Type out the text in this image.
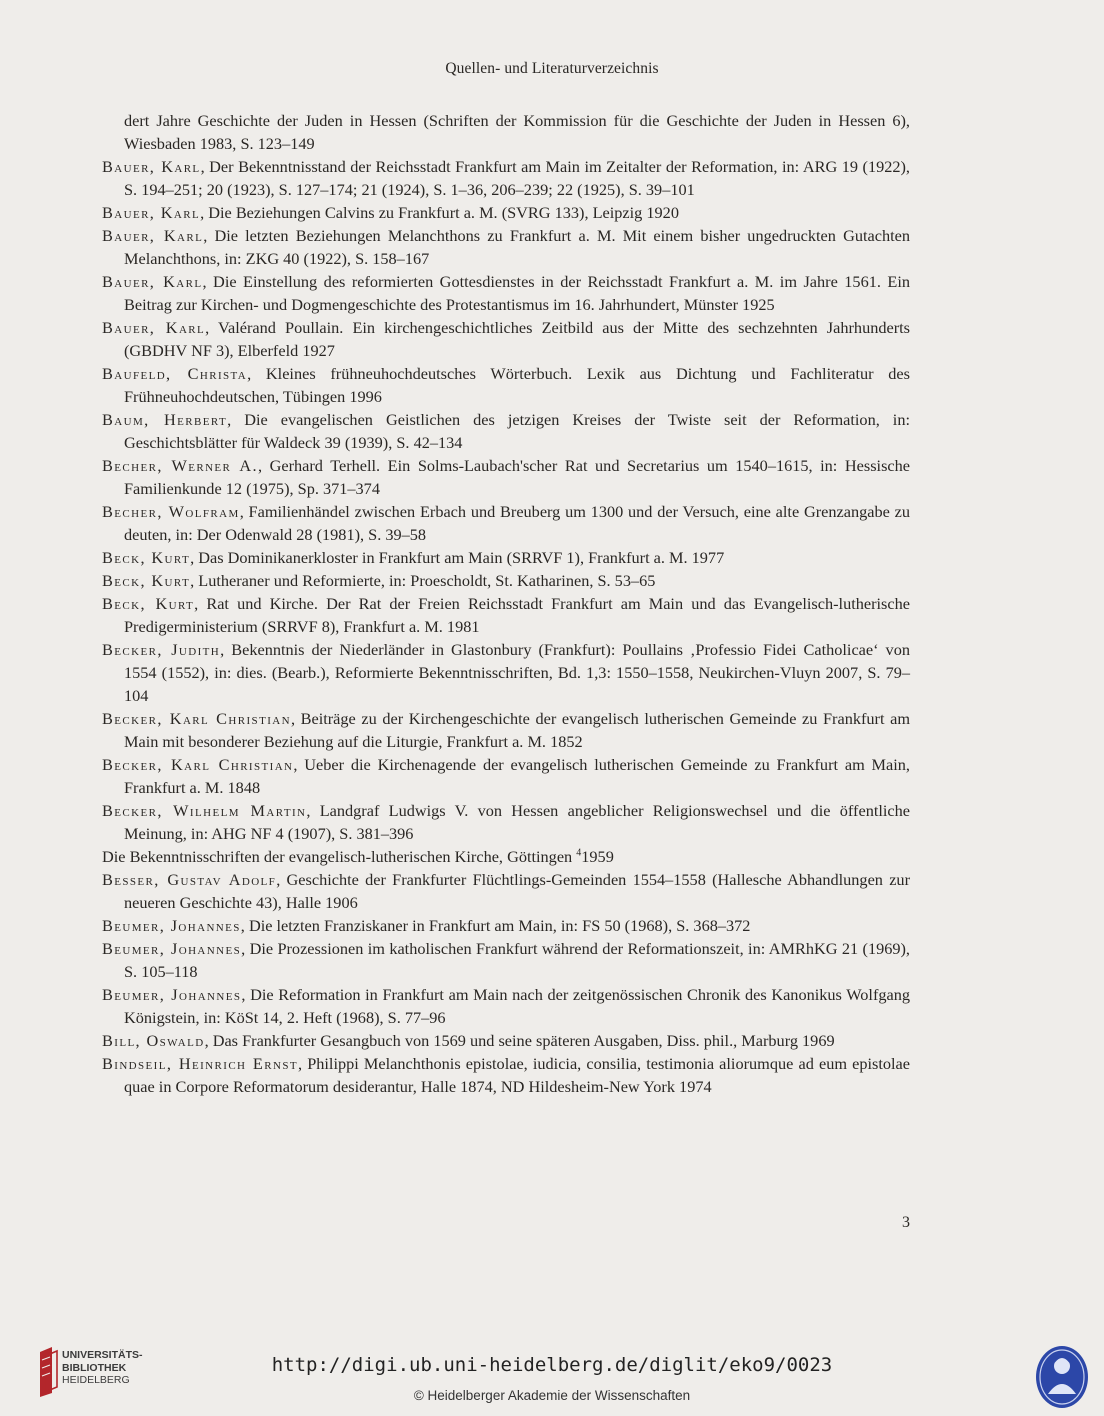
Quellen- und Literaturverzeichnis

dert Jahre Geschichte der Juden in Hessen (Schriften der Kommission für die Geschichte der Juden in Hessen 6), Wiesbaden 1983, S. 123–149

Bauer, Karl, Der Bekenntnisstand der Reichsstadt Frankfurt am Main im Zeitalter der Reformation, in: ARG 19 (1922), S. 194–251; 20 (1923), S. 127–174; 21 (1924), S. 1–36, 206–239; 22 (1925), S. 39–101

Bauer, Karl, Die Beziehungen Calvins zu Frankfurt a. M. (SVRG 133), Leipzig 1920

Bauer, Karl, Die letzten Beziehungen Melanchthons zu Frankfurt a. M. Mit einem bisher ungedruckten Gutachten Melanchthons, in: ZKG 40 (1922), S. 158–167

Bauer, Karl, Die Einstellung des reformierten Gottesdienstes in der Reichsstadt Frankfurt a. M. im Jahre 1561. Ein Beitrag zur Kirchen- und Dogmengeschichte des Protestantismus im 16. Jahrhundert, Münster 1925

Bauer, Karl, Valérand Poullain. Ein kirchengeschichtliches Zeitbild aus der Mitte des sechzehnten Jahrhunderts (GBDHV NF 3), Elberfeld 1927

Baufeld, Christa, Kleines frühneuhochdeutsches Wörterbuch. Lexik aus Dichtung und Fachliteratur des Frühneuhochdeutschen, Tübingen 1996

Baum, Herbert, Die evangelischen Geistlichen des jetzigen Kreises der Twiste seit der Reformation, in: Geschichtsblätter für Waldeck 39 (1939), S. 42–134

Becher, Werner A., Gerhard Terhell. Ein Solms-Laubach'scher Rat und Secretarius um 1540–1615, in: Hessische Familienkunde 12 (1975), Sp. 371–374

Becher, Wolfram, Familienhändel zwischen Erbach und Breuberg um 1300 und der Versuch, eine alte Grenzangabe zu deuten, in: Der Odenwald 28 (1981), S. 39–58

Beck, Kurt, Das Dominikanerkloster in Frankfurt am Main (SRRVF 1), Frankfurt a. M. 1977

Beck, Kurt, Lutheraner und Reformierte, in: Proescholdt, St. Katharinen, S. 53–65

Beck, Kurt, Rat und Kirche. Der Rat der Freien Reichsstadt Frankfurt am Main und das Evangelisch-lutherische Predigerministerium (SRRVF 8), Frankfurt a. M. 1981

Becker, Judith, Bekenntnis der Niederländer in Glastonbury (Frankfurt): Poullains ‚Professio Fidei Catholicae‘ von 1554 (1552), in: dies. (Bearb.), Reformierte Bekenntnisschriften, Bd. 1,3: 1550–1558, Neukirchen-Vluyn 2007, S. 79–104

Becker, Karl Christian, Beiträge zu der Kirchengeschichte der evangelisch lutherischen Gemeinde zu Frankfurt am Main mit besonderer Beziehung auf die Liturgie, Frankfurt a. M. 1852

Becker, Karl Christian, Ueber die Kirchenagende der evangelisch lutherischen Gemeinde zu Frankfurt am Main, Frankfurt a. M. 1848

Becker, Wilhelm Martin, Landgraf Ludwigs V. von Hessen angeblicher Religionswechsel und die öffentliche Meinung, in: AHG NF 4 (1907), S. 381–396

Die Bekenntnisschriften der evangelisch-lutherischen Kirche, Göttingen $^4$1959

Besser, Gustav Adolf, Geschichte der Frankfurter Flüchtlings-Gemeinden 1554–1558 (Hallesche Abhandlungen zur neueren Geschichte 43), Halle 1906

Beumer, Johannes, Die letzten Franziskaner in Frankfurt am Main, in: FS 50 (1968), S. 368–372

Beumer, Johannes, Die Prozessionen im katholischen Frankfurt während der Reformationszeit, in: AMRhKG 21 (1969), S. 105–118

Beumer, Johannes, Die Reformation in Frankfurt am Main nach der zeitgenössischen Chronik des Kanonikus Wolfgang Königstein, in: KöSt 14, 2. Heft (1968), S. 77–96

Bill, Oswald, Das Frankfurter Gesangbuch von 1569 und seine späteren Ausgaben, Diss. phil., Marburg 1969

Bindseil, Heinrich Ernst, Philippi Melanchthonis epistolae, iudicia, consilia, testimonia aliorumque ad eum epistolae quae in Corpore Reformatorum desiderantur, Halle 1874, ND Hildesheim-New York 1974

3
UNIVERSITÄTS-
BIBLIOTHEK
HEIDELBERG
http://digi.ub.uni-heidelberg.de/diglit/eko9/0023
© Heidelberger Akademie der Wissenschaften
